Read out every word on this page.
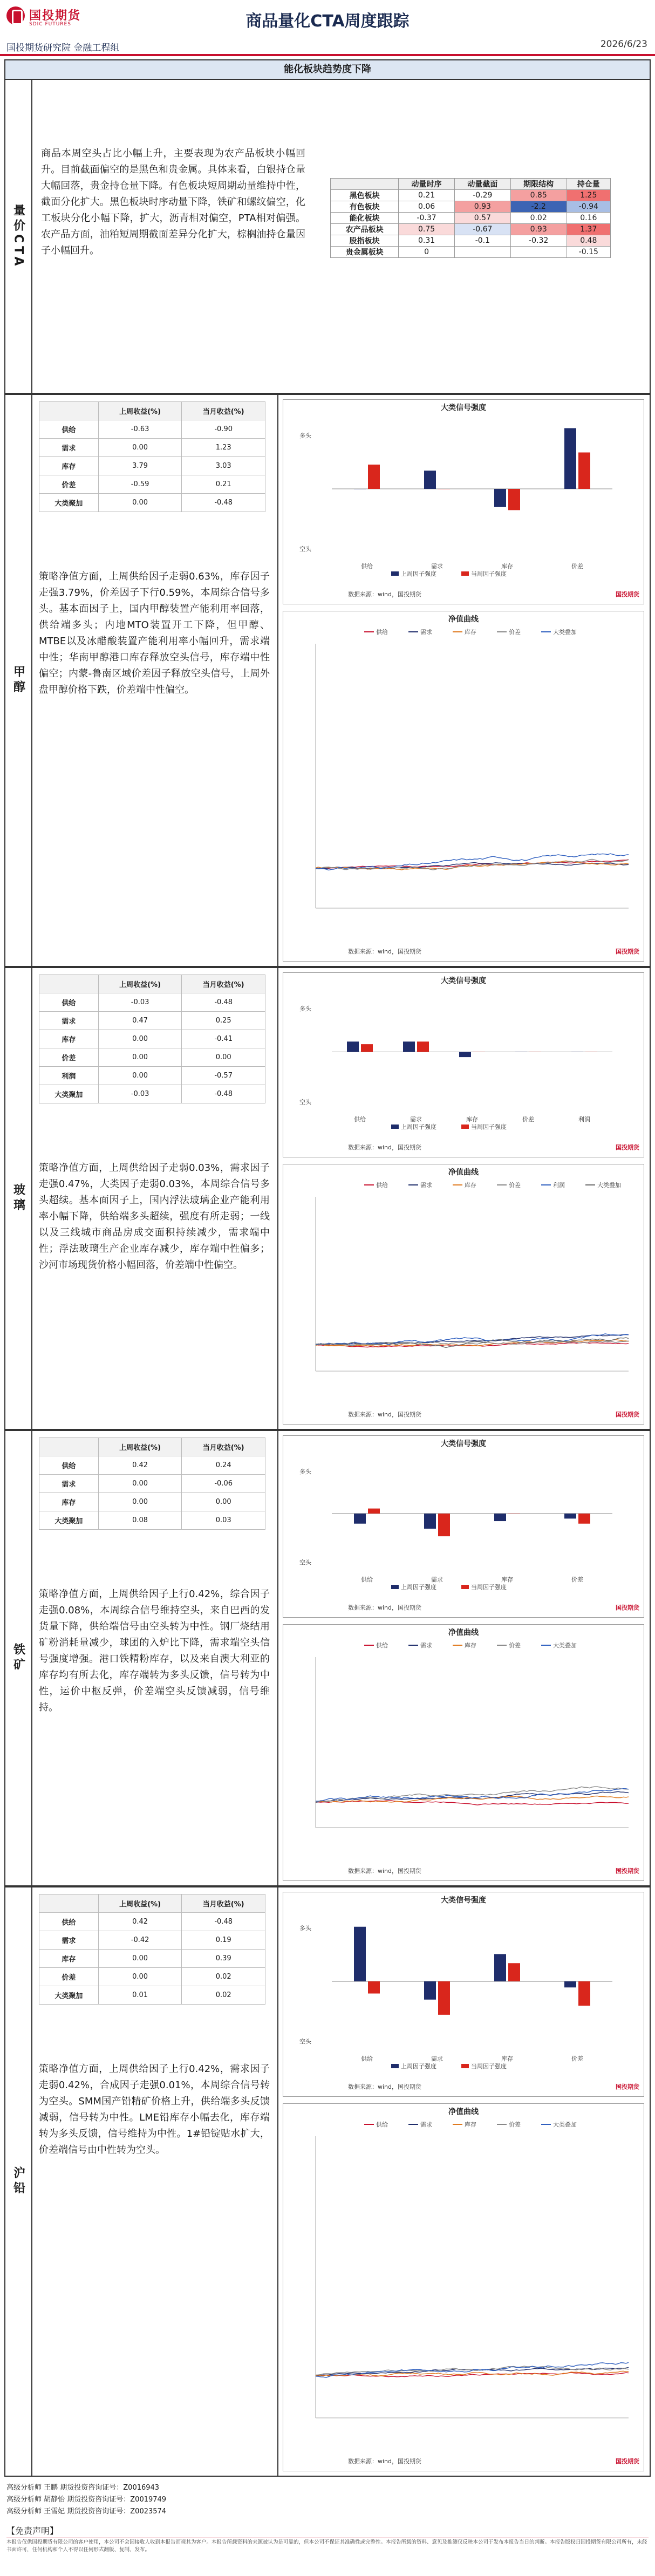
国投期货
SDIC FUTURES	商品量化CTA周度跟踪
国投期货研究院 金融工程组	2026/6/23
能化板块趋势度下降
量价CTA
商品本周空头占比小幅上升，主要表现为农产品板块小幅回升。目前截面偏空的是黑色和贵金属。具体来看，白银持仓量大幅回落，贵金持仓量下降。有色板块短周期动量维持中性，截面分化扩大。黑色板块时序动量下降，铁矿和螺纹偏空，化工板块分化小幅下降，扩大，沥青相对偏空，PTA相对偏强。农产品方面，油粕短周期截面差异分化扩大，棕榈油持仓量因子小幅回升。
	动量时序	动量截面	期限结构	持仓量
黑色板块	0.21	-0.29	0.85	1.25
有色板块	0.06	0.93	-2.2	-0.94
能化板块	-0.37	0.57	0.02	0.16
农产品板块	0.75	-0.67	0.93	1.37
股指板块	0.31	-0.1	-0.32	0.48
贵金属板块	0			-0.15
甲醇
	上周收益(%)	当月收益(%)
供给	-0.63	-0.90
需求	0.00	1.23
库存	3.79	3.03
价差	-0.59	0.21
大类聚加	0.00	-0.48
策略净值方面，上周供给因子走弱0.63%，库存因子走强3.79%，价差因子下行0.59%，本周综合信号多头。基本面因子上，国内甲醇装置产能利用率回落，供给端多头；内地MTO装置开工下降，但甲醇、MTBE以及冰醋酸装置产能利用率小幅回升，需求端中性；华南甲醇港口库存释放空头信号，库存端中性偏空；内蒙-鲁南区域价差因子释放空头信号，上周外盘甲醇价格下跌，价差端中性偏空。
大类信号强度
多头
空头
供给	需求	库存	价差
上周因子强度	当周因子强度
数据来源：wind，国投期货	国投期货
净值曲线
供给	需求	库存	价差	大类叠加
数据来源：wind，国投期货	国投期货
玻璃
	上周收益(%)	当月收益(%)
供给	-0.03	-0.48
需求	0.47	0.25
库存	0.00	-0.41
价差	0.00	0.00
利润	0.00	-0.57
大类聚加	-0.03	-0.48
策略净值方面，上周供给因子走弱0.03%，需求因子走强0.47%，大类因子走弱0.03%，本周综合信号多头超续。基本面因子上，国内浮法玻璃企业产能利用率小幅下降，供给端多头超续，强度有所走弱；一线以及三线城市商品房成交面积持续减少，需求端中性；浮法玻璃生产企业库存减少，库存端中性偏多；沙河市场现货价格小幅回落，价差端中性偏空。
大类信号强度
多头
空头
供给	需求	库存	价差	利润
上周因子强度	当周因子强度
数据来源：wind，国投期货	国投期货
净值曲线
供给	需求	库存	价差	利润	大类叠加
数据来源：wind，国投期货	国投期货
铁矿
	上周收益(%)	当月收益(%)
供给	0.42	0.24
需求	0.00	-0.06
库存	0.00	0.00
大类聚加	0.08	0.03
策略净值方面，上周供给因子上行0.42%，综合因子走强0.08%，本周综合信号维持空头，来自巴西的发货量下降，供给端信号由空头转为中性。钢厂烧结用矿粉消耗量减少，球团的入炉比下降，需求端空头信号强度增强。港口铁精粉库存，以及来自澳大利亚的库存均有所去化，库存端转为多头反馈，信号转为中性，运价中枢反弹，价差端空头反馈减弱，信号维持。
大类信号强度
多头
空头
供给	需求	库存	价差
上周因子强度	当周因子强度
数据来源：wind，国投期货	国投期货
净值曲线
供给	需求	库存	价差	大类叠加
数据来源：wind，国投期货	国投期货
沪铅
	上周收益(%)	当月收益(%)
供给	0.42	-0.48
需求	-0.42	0.19
库存	0.00	0.39
价差	0.00	0.02
大类聚加	0.01	0.02
策略净值方面，上周供给因子上行0.42%，需求因子走弱0.42%，合成因子走强0.01%，本周综合信号转为空头。SMM国产铅精矿价格上升，供给端多头反馈减弱，信号转为中性。LME铅库存小幅去化，库存端转为多头反馈，信号维持为中性。1#铅锭贴水扩大，价差端信号由中性转为空头。
大类信号强度
多头
空头
供给	需求	库存	价差
上周因子强度	当周因子强度
数据来源：wind，国投期货	国投期货
净值曲线
供给	需求	库存	价差	大类叠加
数据来源：wind，国投期货	国投期货
高级分析师 王鹏 期货投资咨询证号：Z0016943
高级分析师 胡静怡 期货投资咨询证号：Z0019749
高级分析师 王雪妃 期货投资咨询证号：Z0023574
【免责声明】
本报告仅供国投期货有限公司的客户使用，本公司不会因接收人收到本报告而视其为客户。本报告所载资料的来源被认为是可靠的，但本公司不保证其准确性或完整性。本报告所载的资料、意见及推测仅反映本公司于发布本报告当日的判断。本报告版权归国投期货有限公司所有，未经书面许可，任何机构和个人不得以任何形式翻版、复制、发布。
